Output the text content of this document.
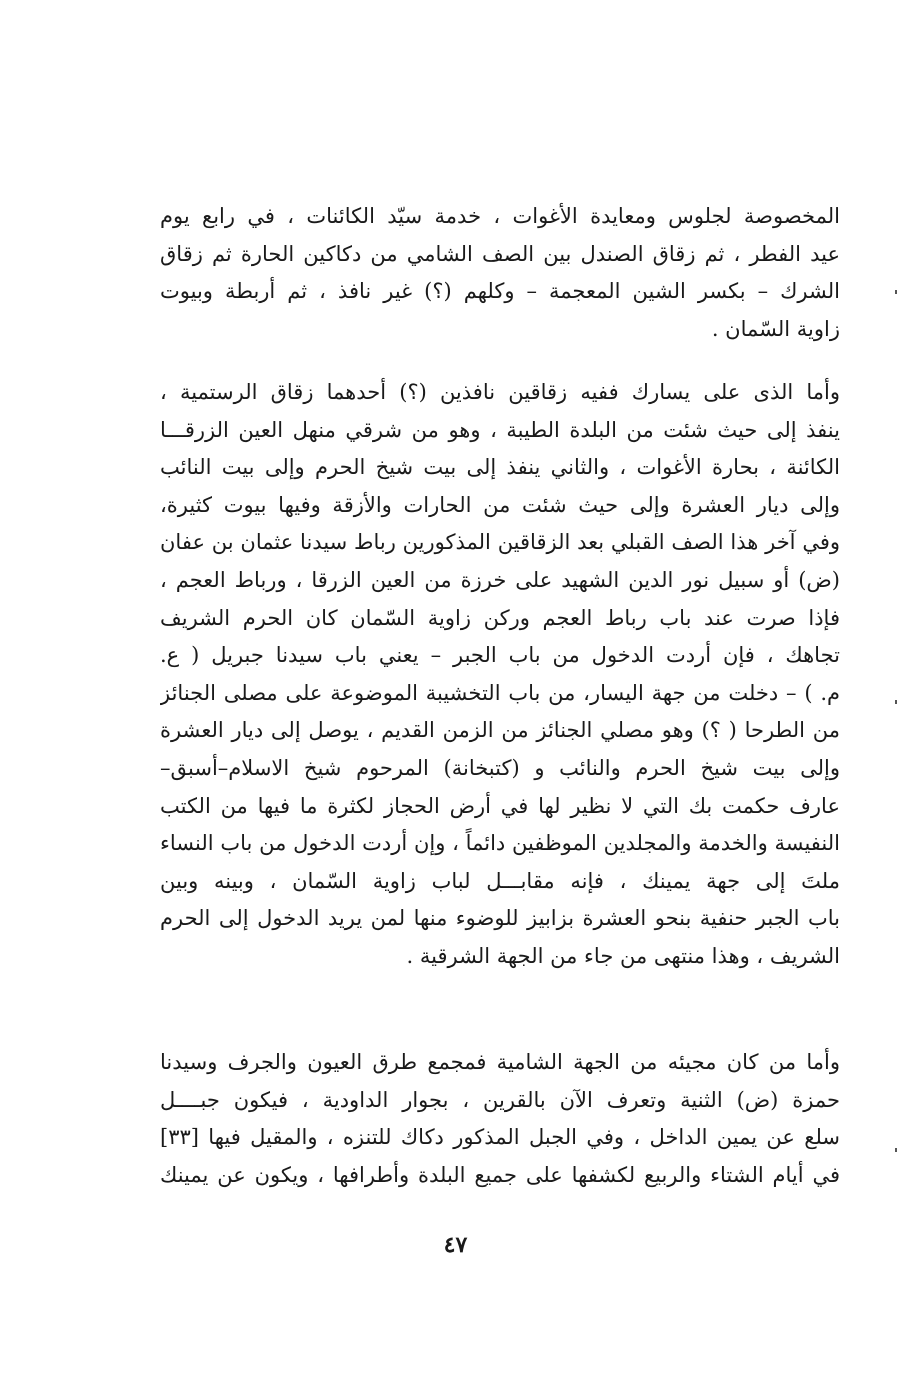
المخصوصة لجلوس ومعايدة الأغوات ، خدمة سيّد الكائنات ، في رابع يوم
عيد الفطر ، ثم زقاق الصندل بين الصف الشامي من دكاكين الحارة ثم زقاق
الشرك – بكسر الشين المعجمة – وكلهم (؟) غير نافذ ، ثم أربطة وبيوت
زاوية السّمان .
وأما الذى على يسارك ففيه زقاقين نافذين (؟) أحدهما زقاق الرستمية ،
ينفذ إلى حيث شئت من البلدة الطيبة ، وهو من شرقي منهل العين الزرقـــا
الكائنة ، بحارة الأغوات ، والثاني ينفذ إلى بيت شيخ الحرم وإلى بيت النائب
وإلى ديار العشرة وإلى حيث شئت من الحارات والأزقة وفيها بيوت كثيرة،
وفي آخر هذا الصف القبلي بعد الزقاقين المذكورين رباط سيدنا عثمان بن عفان
(ض) أو سبيل نور الدين الشهيد على خرزة من العين الزرقا ، ورباط العجم ،
فإذا صرت عند باب رباط العجم وركن زاوية السّمان كان الحرم الشريف
تجاهك ، فإن أردت الدخول من باب الجبر – يعني باب سيدنا جبريل ( ع.
م. ) – دخلت من جهة اليسار، من باب التخشيبة الموضوعة على مصلى الجنائز
من الطرحا ( ؟) وهو مصلي الجنائز من الزمن القديم ، يوصل إلى ديار العشرة
وإلى بيت شيخ الحرم والنائب و (كتبخانة) المرحوم شيخ الاسلام–أسبق–
عارف حكمت بك التي لا نظير لها في أرض الحجاز لكثرة ما فيها من الكتب
النفيسة والخدمة والمجلدين الموظفين دائماً ، وإن أردت الدخول من باب النساء
ملتَ إلى جهة يمينك ، فإنه مقابـــل لباب زاوية السّمان ، وبينه وبين
باب الجبر حنفية بنحو العشرة بزابيز للوضوء منها لمن يريد الدخول إلى الحرم
الشريف ، وهذا منتهى من جاء من الجهة الشرقية .
وأما من كان مجيئه من الجهة الشامية فمجمع طرق العيون والجرف وسيدنا
حمزة (ض) الثنية وتعرف الآن بالقرين ، بجوار الداودية ، فيكون جبــــل
سلع عن يمين الداخل ، وفي الجبل المذكور دكاك للتنزه ، والمقيل فيها [٣٣]
في أيام الشتاء والربيع لكشفها على جميع البلدة وأطرافها ، ويكون عن يمينك
٤٧
